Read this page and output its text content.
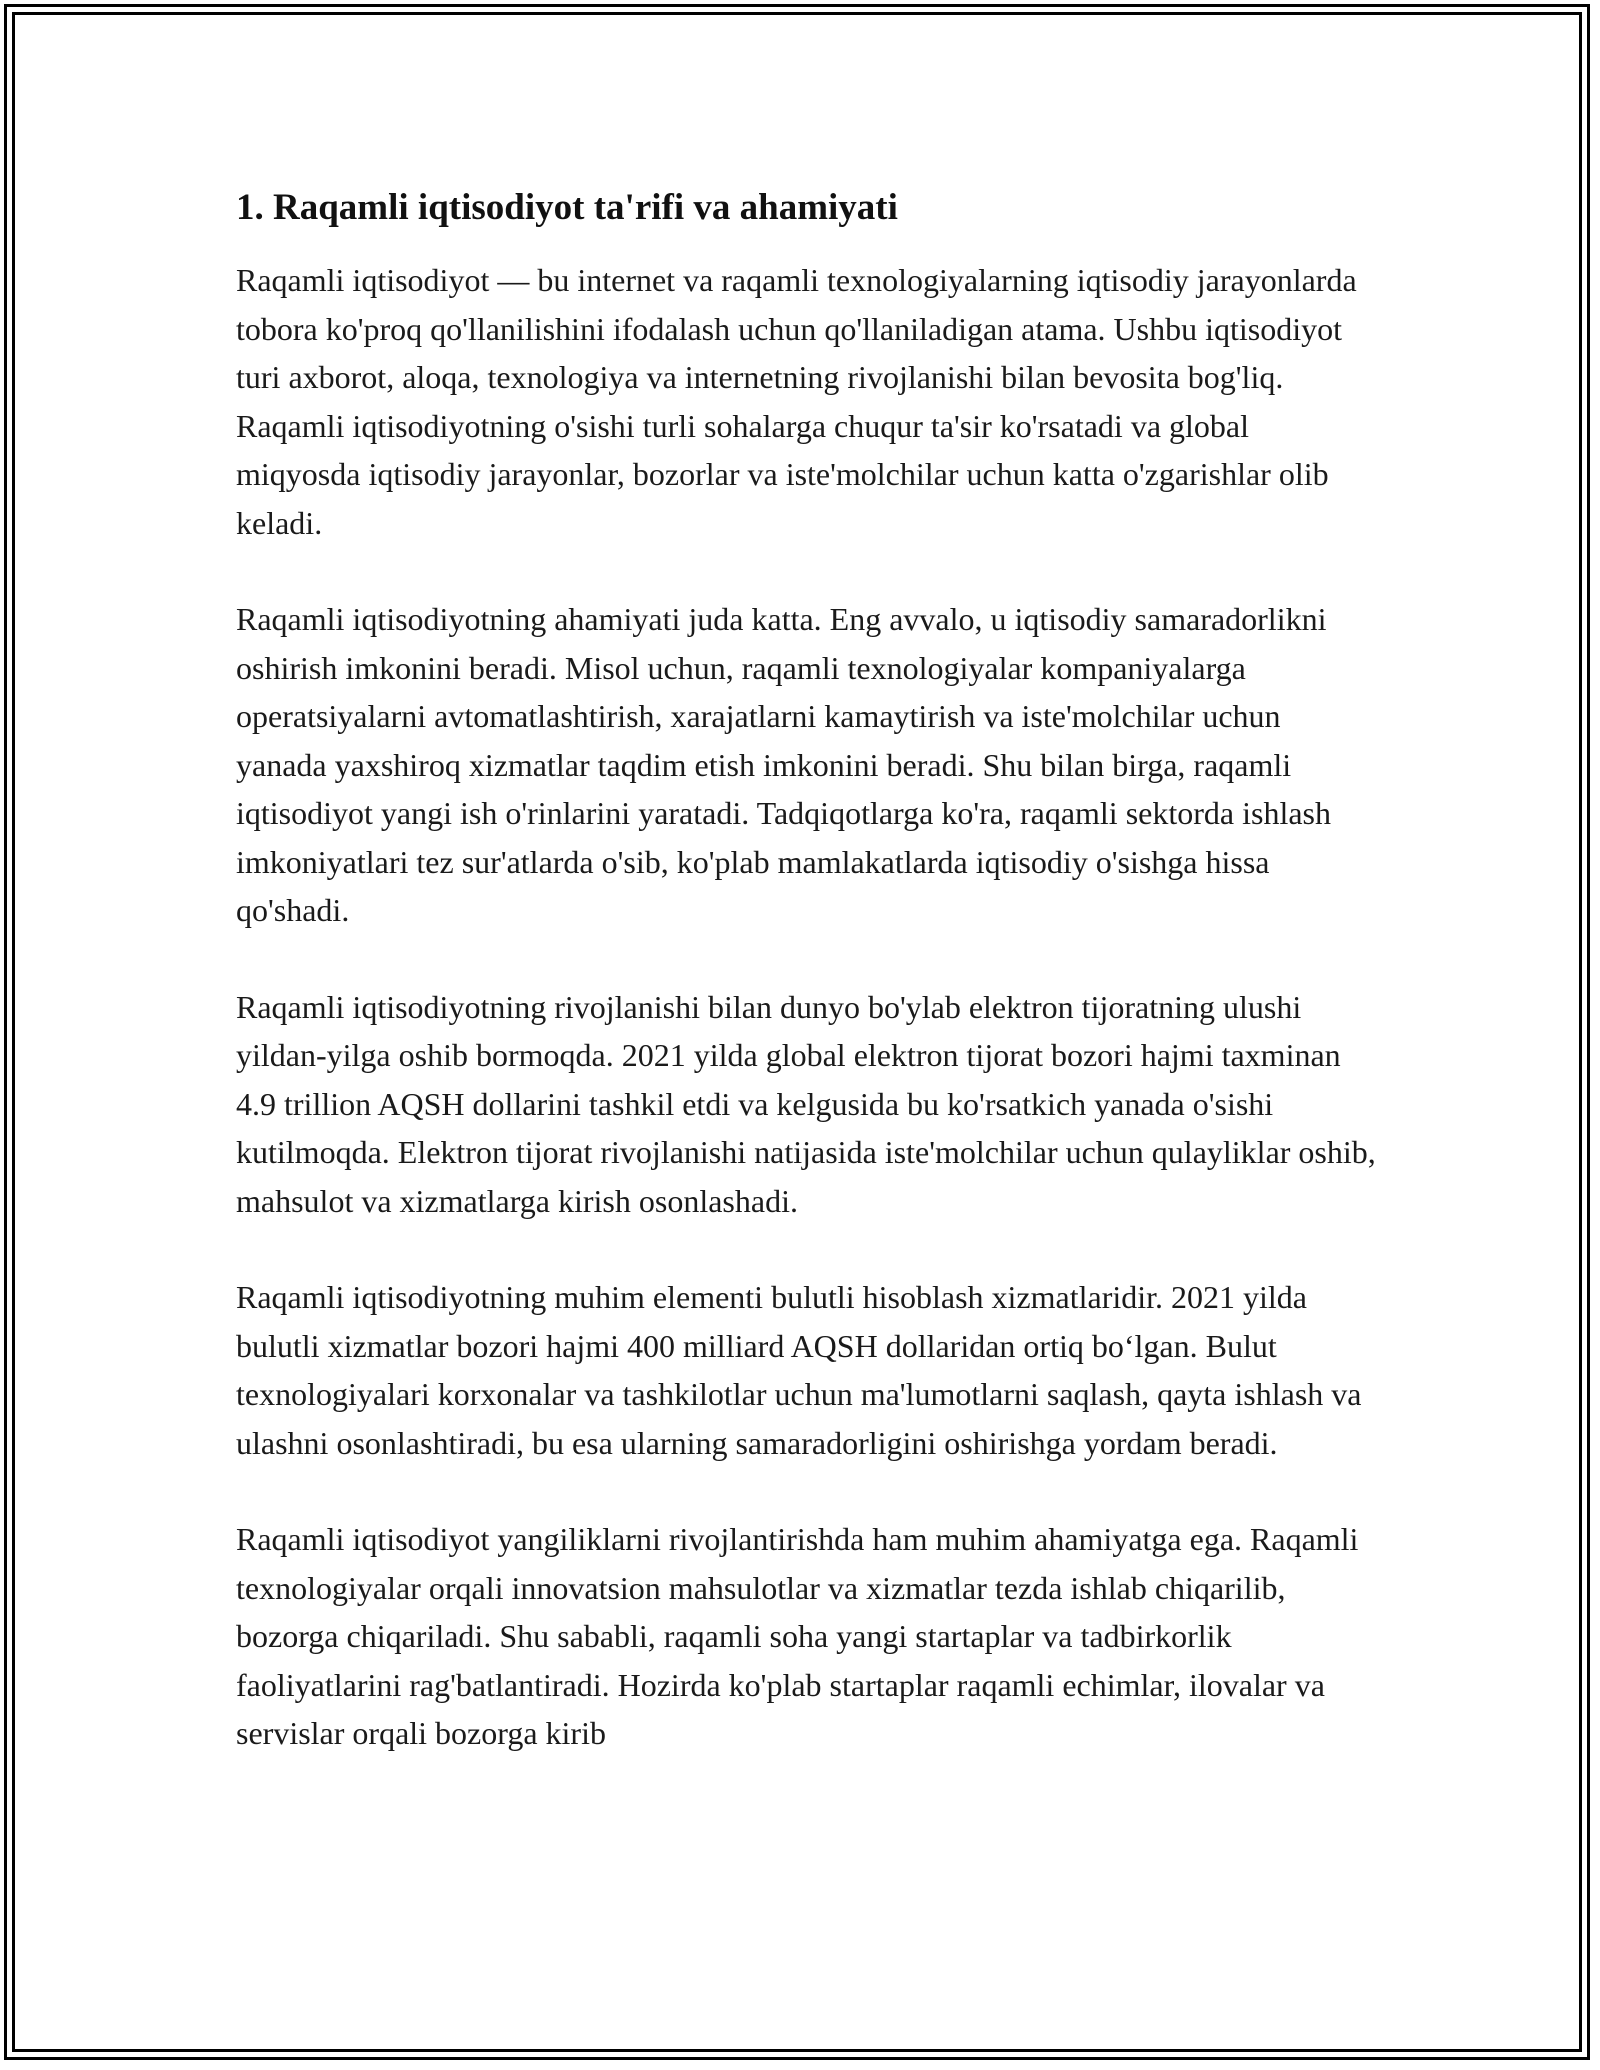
1. Raqamli iqtisodiyot ta'rifi va ahamiyati

Raqamli iqtisodiyot — bu internet va raqamli texnologiyalarning iqtisodiy jarayonlarda tobora ko'proq qo'llanilishini ifodalash uchun qo'llaniladigan atama. Ushbu iqtisodiyot turi axborot, aloqa, texnologiya va internetning rivojlanishi bilan bevosita bog'liq. Raqamli iqtisodiyotning o'sishi turli sohalarga chuqur ta'sir ko'rsatadi va global miqyosda iqtisodiy jarayonlar, bozorlar va iste'molchilar uchun katta o'zgarishlar olib keladi.

Raqamli iqtisodiyotning ahamiyati juda katta. Eng avvalo, u iqtisodiy samaradorlikni oshirish imkonini beradi. Misol uchun, raqamli texnologiyalar kompaniyalarga operatsiyalarni avtomatlashtirish, xarajatlarni kamaytirish va iste'molchilar uchun yanada yaxshiroq xizmatlar taqdim etish imkonini beradi. Shu bilan birga, raqamli iqtisodiyot yangi ish o'rinlarini yaratadi. Tadqiqotlarga ko'ra, raqamli sektorda ishlash imkoniyatlari tez sur'atlarda o'sib, ko'plab mamlakatlarda iqtisodiy o'sishga hissa qo'shadi.

Raqamli iqtisodiyotning rivojlanishi bilan dunyo bo'ylab elektron tijoratning ulushi yildan-yilga oshib bormoqda. 2021 yilda global elektron tijorat bozori hajmi taxminan 4.9 trillion AQSH dollarini tashkil etdi va kelgusida bu ko'rsatkich yanada o'sishi kutilmoqda. Elektron tijorat rivojlanishi natijasida iste'molchilar uchun qulayliklar oshib, mahsulot va xizmatlarga kirish osonlashadi.

Raqamli iqtisodiyotning muhim elementi bulutli hisoblash xizmatlaridir. 2021 yilda bulutli xizmatlar bozori hajmi 400 milliard AQSH dollaridan ortiq bo‘lgan. Bulut texnologiyalari korxonalar va tashkilotlar uchun ma'lumotlarni saqlash, qayta ishlash va ulashni osonlashtiradi, bu esa ularning samaradorligini oshirishga yordam beradi.

Raqamli iqtisodiyot yangiliklarni rivojlantirishda ham muhim ahamiyatga ega. Raqamli texnologiyalar orqali innovatsion mahsulotlar va xizmatlar tezda ishlab chiqarilib, bozorga chiqariladi. Shu sababli, raqamli soha yangi startaplar va tadbirkorlik faoliyatlarini rag'batlantiradi. Hozirda ko'plab startaplar raqamli echimlar, ilovalar va servislar orqali bozorga kirib
